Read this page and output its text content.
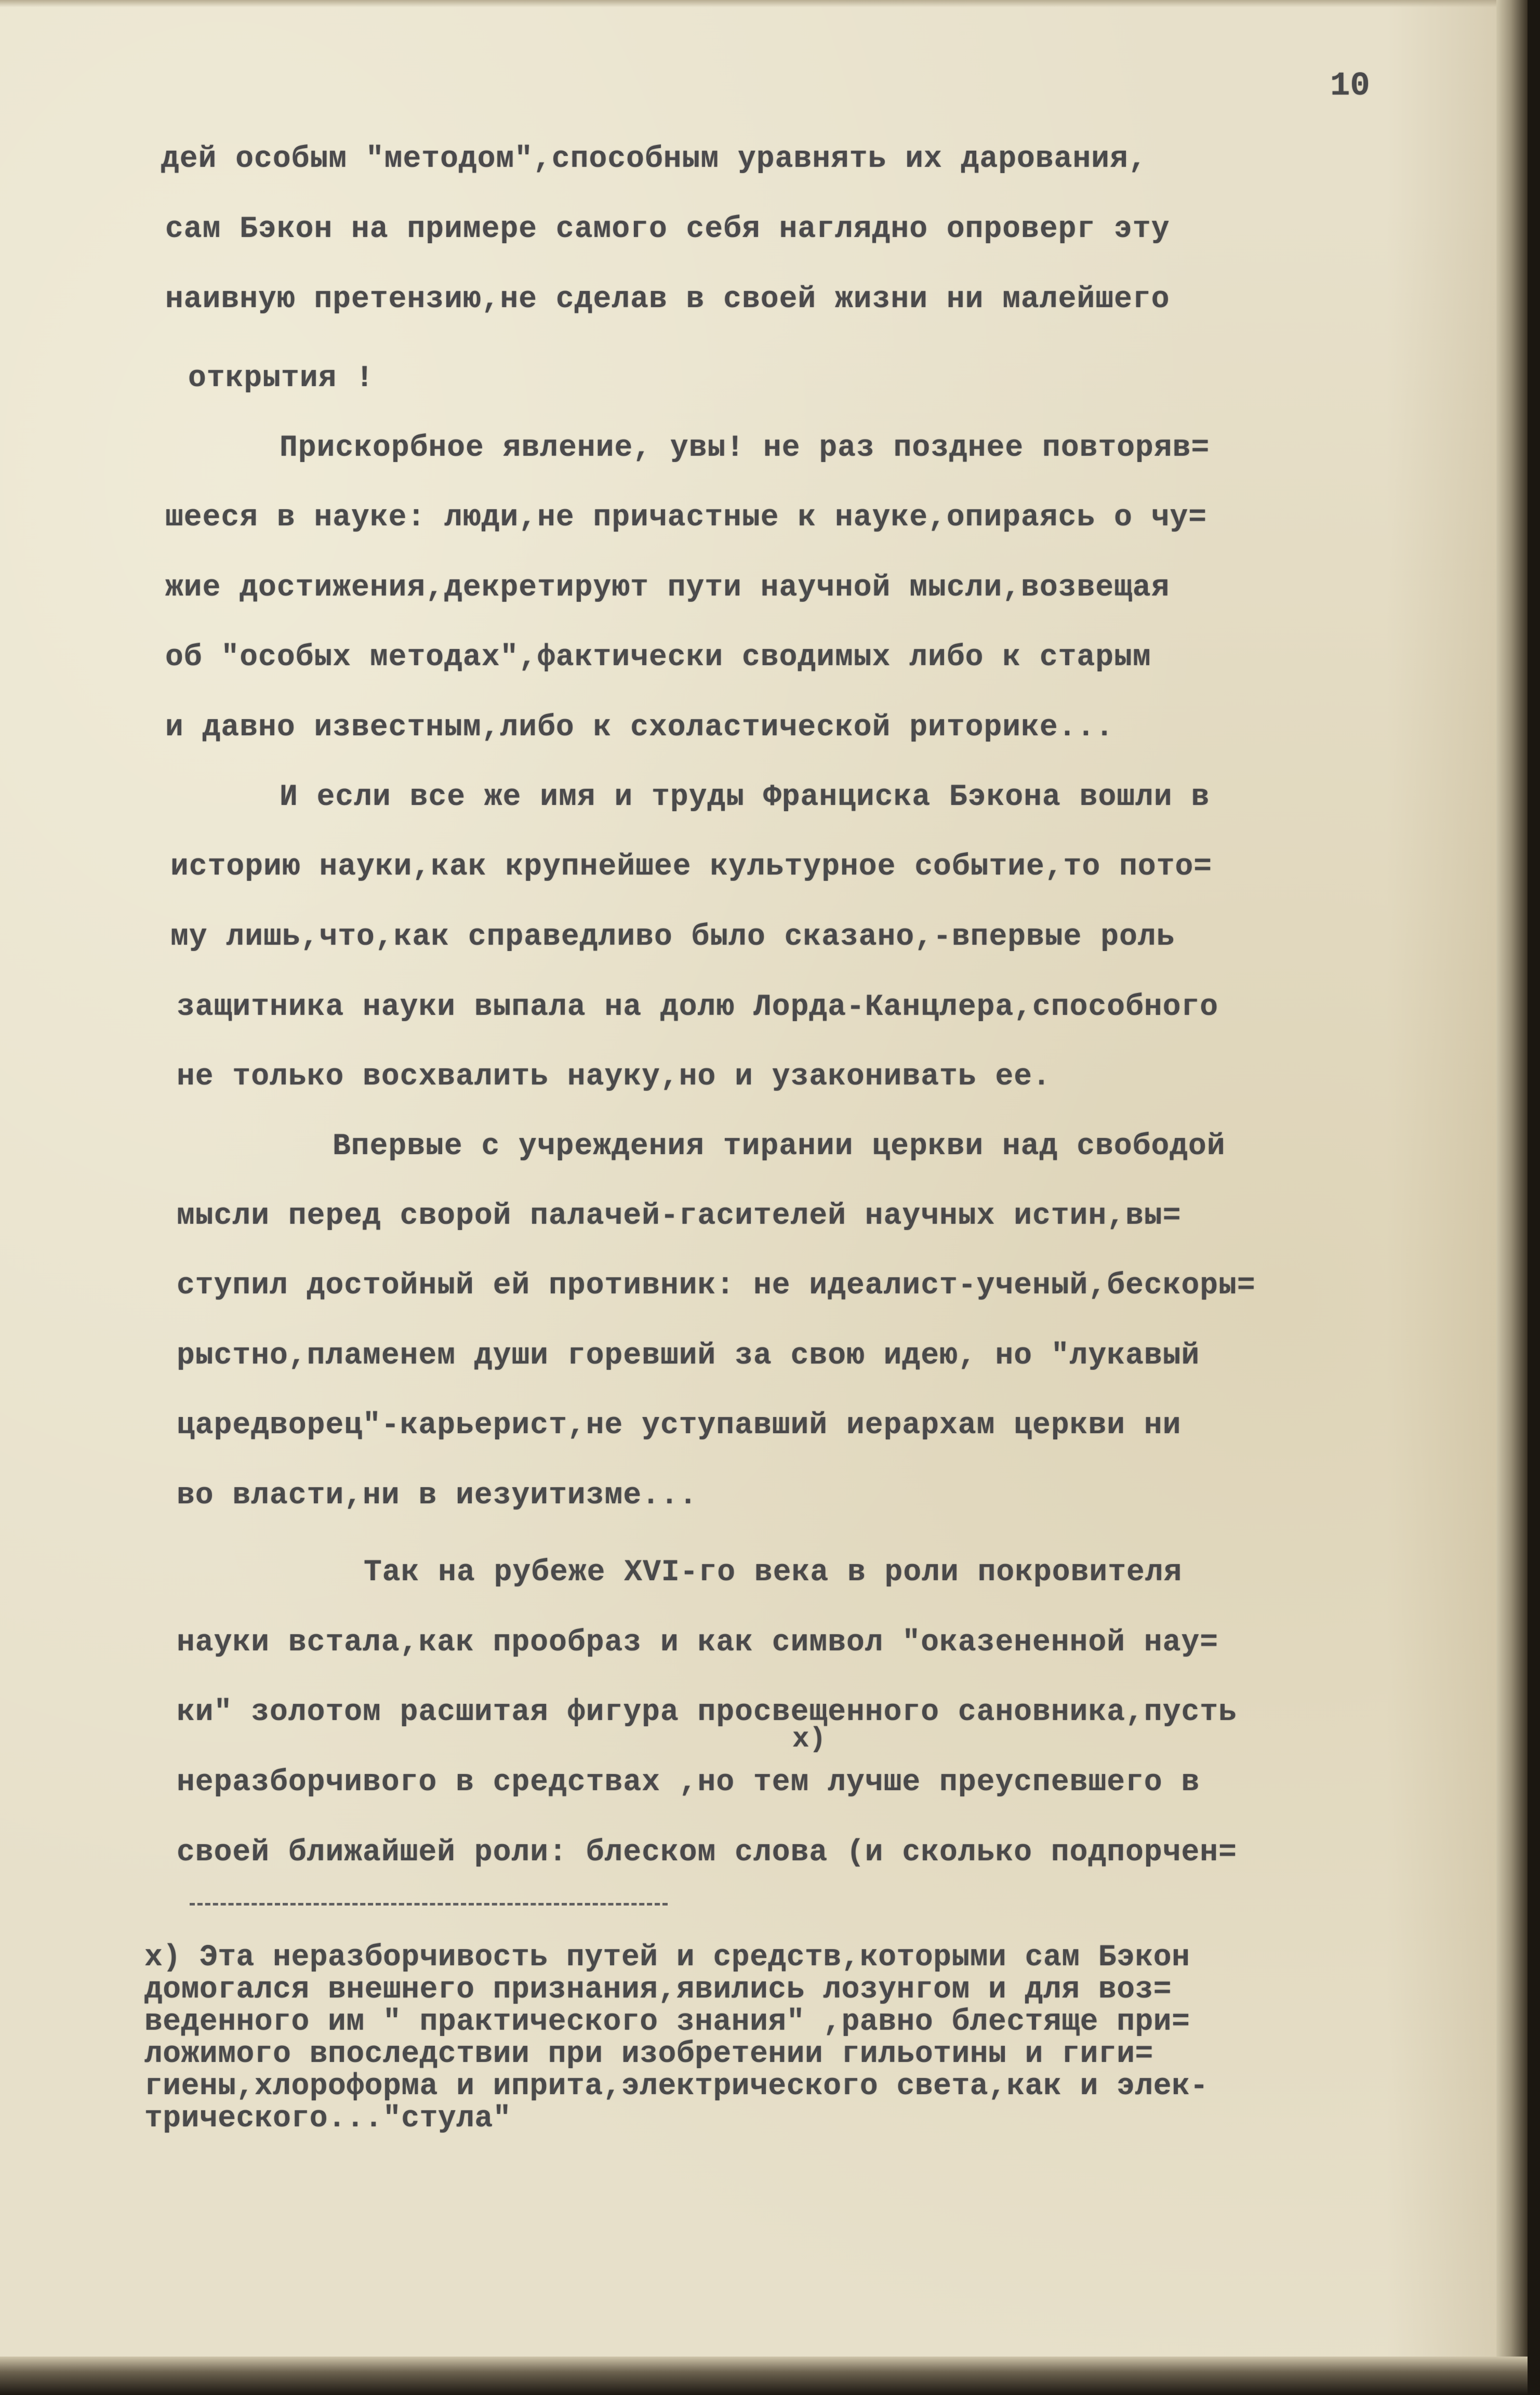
10
дей особым "методом",способным уравнять их дарования,
сам Бэкон на примере самого себя наглядно опроверг эту
наивную претензию,не сделав в своей жизни ни малейшего
открытия !
Прискорбное явление, увы! не раз позднее повторяв=
шееся в науке: люди,не причастные к науке,опираясь о чу=
жие достижения,декретируют пути научной мысли,возвещая
об "особых методах",фактически сводимых либо к старым
и давно известным,либо к схоластической риторике...
И если все же имя и труды Франциска Бэкона вошли в
историю науки,как крупнейшее культурное событие,то пото=
му лишь,что,как справедливо было сказано,-впервые роль
защитника науки выпала на долю Лорда-Канцлера,способного
не только восхвалить науку,но и узаконивать ее.
Впервые с учреждения тирании церкви над свободой
мысли перед сворой палачей-гасителей научных истин,вы=
ступил достойный ей противник: не идеалист-ученый,бескоры=
рыстно,пламенем души горевший за свою идею, но "лукавый
царедворец"-карьерист,не уступавший иерархам церкви ни
во власти,ни в иезуитизме...
Так на рубеже XVI-го века в роли покровителя
науки встала,как прообраз и как символ "оказененной нау=
ки" золотом расшитая фигура просвещенного сановника,пусть
x)
неразборчивого в средствах ,но тем лучше преуспевшего в
своей ближайшей роли: блеском слова (и сколько подпорчен=
x) Эта неразборчивость путей и средств,которыми сам Бэкон
домогался внешнего признания,явились лозунгом и для воз=
веденного им " практического знания" ,равно блестяще при=
ложимого впоследствии при изобретении гильотины и гиги=
гиены,хлороформа и иприта,электрического света,как и элек-
трического..."стула"
